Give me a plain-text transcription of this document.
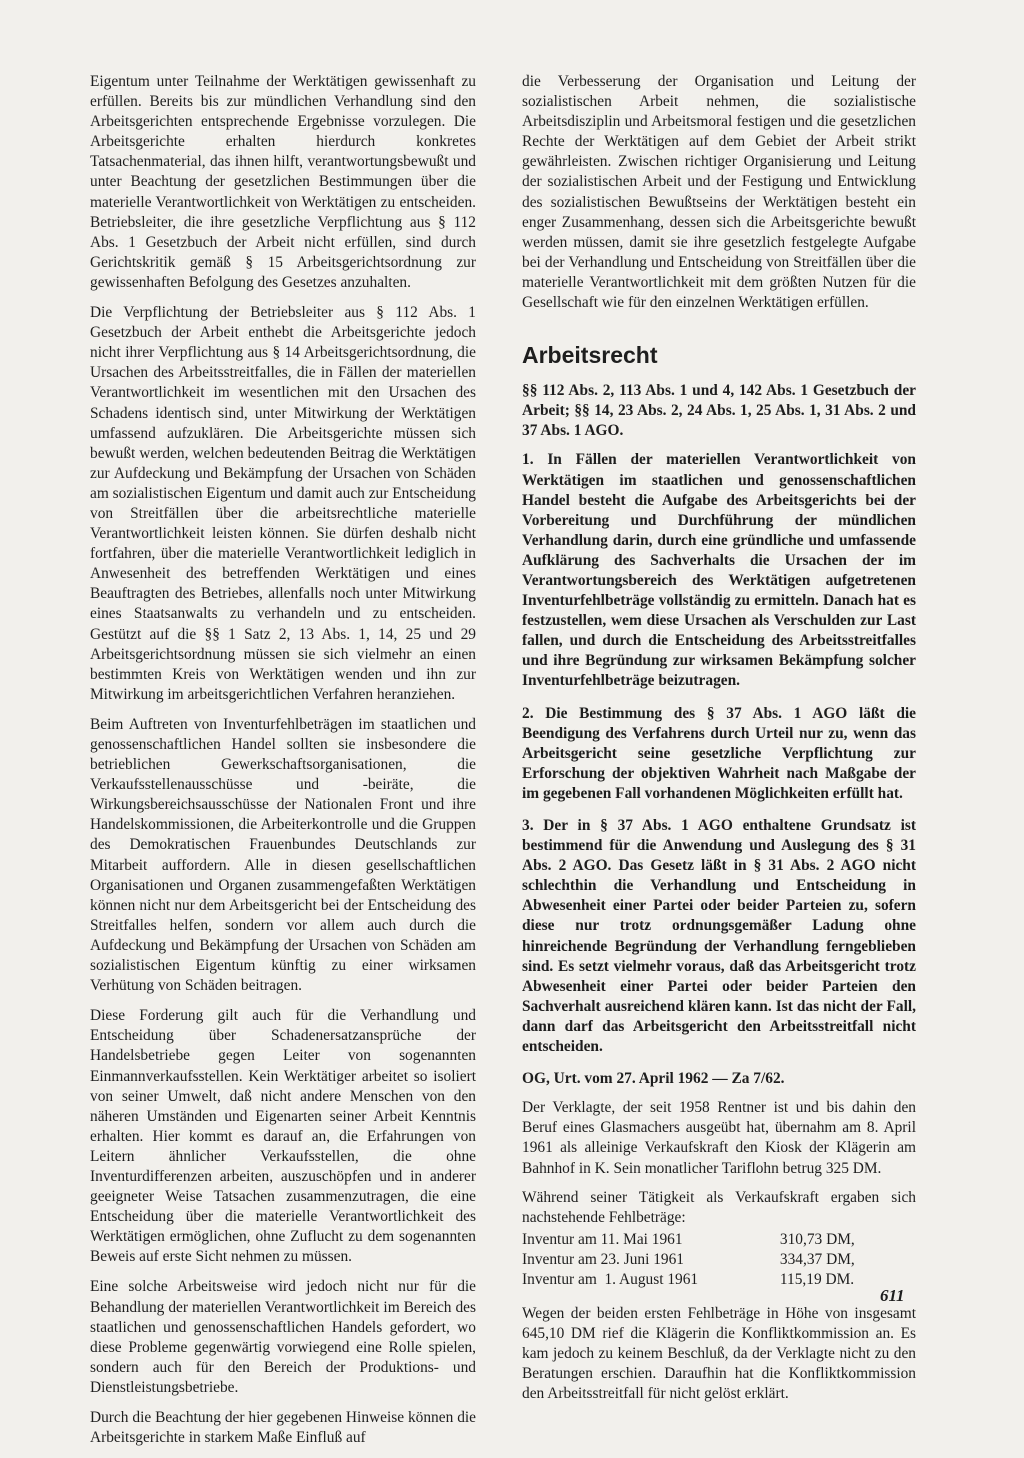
Eigentum unter Teilnahme der Werktätigen gewissenhaft zu erfüllen. Bereits bis zur mündlichen Verhandlung sind den Arbeitsgerichten entsprechende Ergebnisse vorzulegen. Die Arbeitsgerichte erhalten hierdurch konkretes Tatsachenmaterial, das ihnen hilft, verantwortungsbewußt und unter Beachtung der gesetzlichen Bestimmungen über die materielle Verantwortlichkeit von Werktätigen zu entscheiden. Betriebsleiter, die ihre gesetzliche Verpflichtung aus § 112 Abs. 1 Gesetzbuch der Arbeit nicht erfüllen, sind durch Gerichtskritik gemäß § 15 Arbeitsgerichtsordnung zur gewissenhaften Befolgung des Gesetzes anzuhalten.

Die Verpflichtung der Betriebsleiter aus § 112 Abs. 1 Gesetzbuch der Arbeit enthebt die Arbeitsgerichte jedoch nicht ihrer Verpflichtung aus § 14 Arbeitsgerichtsordnung, die Ursachen des Arbeitsstreitfalles, die in Fällen der materiellen Verantwortlichkeit im wesentlichen mit den Ursachen des Schadens identisch sind, unter Mitwirkung der Werktätigen umfassend aufzuklären. Die Arbeitsgerichte müssen sich bewußt werden, welchen bedeutenden Beitrag die Werktätigen zur Aufdeckung und Bekämpfung der Ursachen von Schäden am sozialistischen Eigentum und damit auch zur Entscheidung von Streitfällen über die arbeitsrechtliche materielle Verantwortlichkeit leisten können. Sie dürfen deshalb nicht fortfahren, über die materielle Verantwortlichkeit lediglich in Anwesenheit des betreffenden Werktätigen und eines Beauftragten des Betriebes, allenfalls noch unter Mitwirkung eines Staatsanwalts zu verhandeln und zu entscheiden. Gestützt auf die §§ 1 Satz 2, 13 Abs. 1, 14, 25 und 29 Arbeitsgerichtsordnung müssen sie sich vielmehr an einen bestimmten Kreis von Werktätigen wenden und ihn zur Mitwirkung im arbeitsgerichtlichen Verfahren heranziehen.

Beim Auftreten von Inventurfehlbeträgen im staatlichen und genossenschaftlichen Handel sollten sie insbesondere die betrieblichen Gewerkschaftsorganisationen, die Verkaufsstellenausschüsse und -beiräte, die Wirkungsbereichsausschüsse der Nationalen Front und ihre Handelskommissionen, die Arbeiterkontrolle und die Gruppen des Demokratischen Frauenbundes Deutschlands zur Mitarbeit auffordern. Alle in diesen gesellschaftlichen Organisationen und Organen zusammengefaßten Werktätigen können nicht nur dem Arbeitsgericht bei der Entscheidung des Streitfalles helfen, sondern vor allem auch durch die Aufdeckung und Bekämpfung der Ursachen von Schäden am sozialistischen Eigentum künftig zu einer wirksamen Verhütung von Schäden beitragen.

Diese Forderung gilt auch für die Verhandlung und Entscheidung über Schadenersatzansprüche der Handelsbetriebe gegen Leiter von sogenannten Einmannverkaufsstellen. Kein Werktätiger arbeitet so isoliert von seiner Umwelt, daß nicht andere Menschen von den näheren Umständen und Eigenarten seiner Arbeit Kenntnis erhalten. Hier kommt es darauf an, die Erfahrungen von Leitern ähnlicher Verkaufsstellen, die ohne Inventurdifferenzen arbeiten, auszuschöpfen und in anderer geeigneter Weise Tatsachen zusammenzutragen, die eine Entscheidung über die materielle Verantwortlichkeit des Werktätigen ermöglichen, ohne Zuflucht zu dem sogenannten Beweis auf erste Sicht nehmen zu müssen.

Eine solche Arbeitsweise wird jedoch nicht nur für die Behandlung der materiellen Verantwortlichkeit im Bereich des staatlichen und genossenschaftlichen Handels gefordert, wo diese Probleme gegenwärtig vorwiegend eine Rolle spielen, sondern auch für den Bereich der Produktions- und Dienstleistungsbetriebe.

Durch die Beachtung der hier gegebenen Hinweise können die Arbeitsgerichte in starkem Maße Einfluß auf

die Verbesserung der Organisation und Leitung der sozialistischen Arbeit nehmen, die sozialistische Arbeitsdisziplin und Arbeitsmoral festigen und die gesetzlichen Rechte der Werktätigen auf dem Gebiet der Arbeit strikt gewährleisten. Zwischen richtiger Organisierung und Leitung der sozialistischen Arbeit und der Festigung und Entwicklung des sozialistischen Bewußtseins der Werktätigen besteht ein enger Zusammenhang, dessen sich die Arbeitsgerichte bewußt werden müssen, damit sie ihre gesetzlich festgelegte Aufgabe bei der Verhandlung und Entscheidung von Streitfällen über die materielle Verantwortlichkeit mit dem größten Nutzen für die Gesellschaft wie für den einzelnen Werktätigen erfüllen.

Arbeitsrecht

§§ 112 Abs. 2, 113 Abs. 1 und 4, 142 Abs. 1 Gesetzbuch der Arbeit; §§ 14, 23 Abs. 2, 24 Abs. 1, 25 Abs. 1, 31 Abs. 2 und 37 Abs. 1 AGO.

1. In Fällen der materiellen Verantwortlichkeit von Werktätigen im staatlichen und genossenschaftlichen Handel besteht die Aufgabe des Arbeitsgerichts bei der Vorbereitung und Durchführung der mündlichen Verhandlung darin, durch eine gründliche und umfassende Aufklärung des Sachverhalts die Ursachen der im Verantwortungsbereich des Werktätigen aufgetretenen Inventurfehlbeträge vollständig zu ermitteln. Danach hat es festzustellen, wem diese Ursachen als Verschulden zur Last fallen, und durch die Entscheidung des Arbeitsstreitfalles und ihre Begründung zur wirksamen Bekämpfung solcher Inventurfehlbeträge beizutragen.

2. Die Bestimmung des § 37 Abs. 1 AGO läßt die Beendigung des Verfahrens durch Urteil nur zu, wenn das Arbeitsgericht seine gesetzliche Verpflichtung zur Erforschung der objektiven Wahrheit nach Maßgabe der im gegebenen Fall vorhandenen Möglichkeiten erfüllt hat.

3. Der in § 37 Abs. 1 AGO enthaltene Grundsatz ist bestimmend für die Anwendung und Auslegung des § 31 Abs. 2 AGO. Das Gesetz läßt in § 31 Abs. 2 AGO nicht schlechthin die Verhandlung und Entscheidung in Abwesenheit einer Partei oder beider Parteien zu, sofern diese nur trotz ordnungsgemäßer Ladung ohne hinreichende Begründung der Verhandlung ferngeblieben sind. Es setzt vielmehr voraus, daß das Arbeitsgericht trotz Abwesenheit einer Partei oder beider Parteien den Sachverhalt ausreichend klären kann. Ist das nicht der Fall, dann darf das Arbeitsgericht den Arbeitsstreitfall nicht entscheiden.

OG, Urt. vom 27. April 1962 — Za 7/62.

Der Verklagte, der seit 1958 Rentner ist und bis dahin den Beruf eines Glasmachers ausgeübt hat, übernahm am 8. April 1961 als alleinige Verkaufskraft den Kiosk der Klägerin am Bahnhof in K. Sein monatlicher Tariflohn betrug 325 DM.

Während seiner Tätigkeit als Verkaufskraft ergaben sich nachstehende Fehlbeträge:

Inventur am 11. Mai 1961	310,73 DM,
Inventur am 23. Juni 1961	334,37 DM,
Inventur am  1. August 1961	115,19 DM.

Wegen der beiden ersten Fehlbeträge in Höhe von insgesamt 645,10 DM rief die Klägerin die Konfliktkommission an. Es kam jedoch zu keinem Beschluß, da der Verklagte nicht zu den Beratungen erschien. Daraufhin hat die Konfliktkommission den Arbeitsstreitfall für nicht gelöst erklärt.

611
